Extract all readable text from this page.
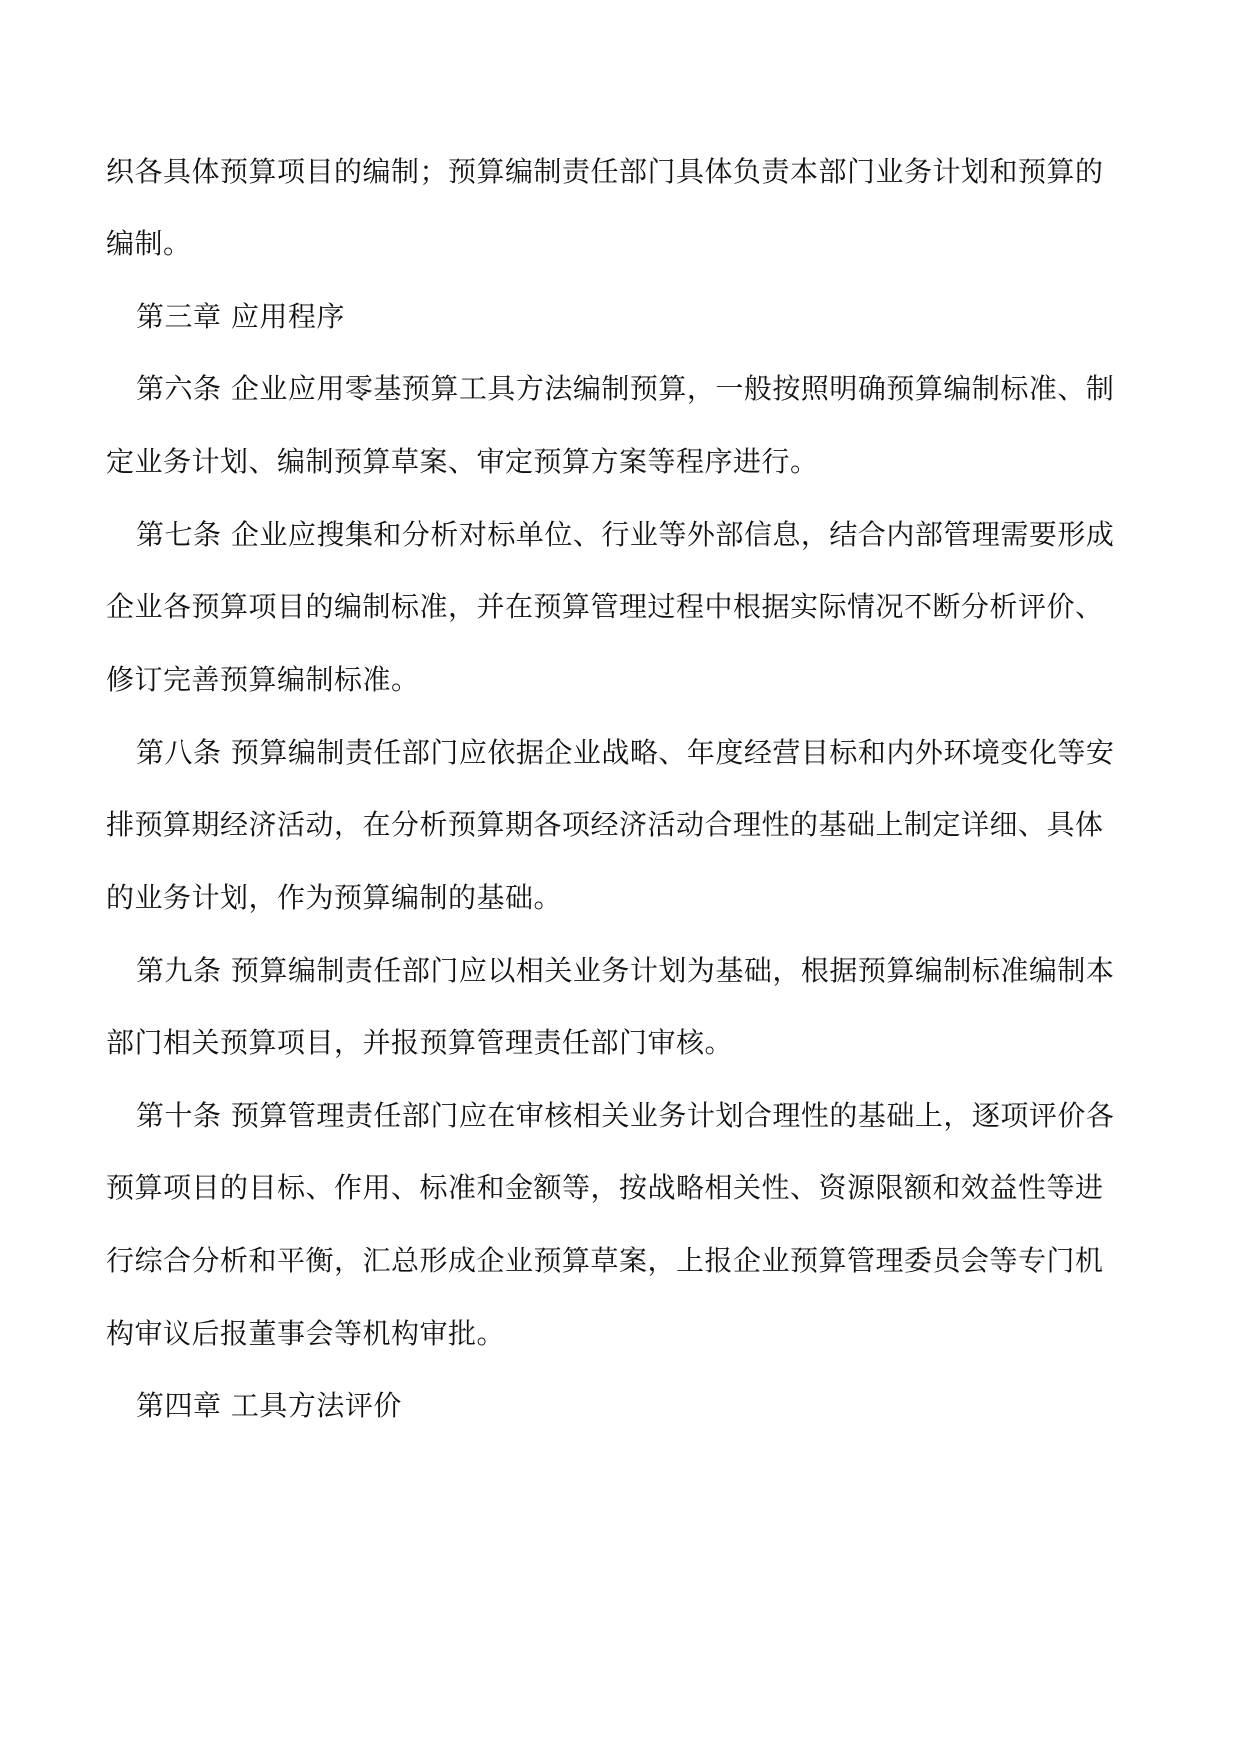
织各具体预算项目的编制；预算编制责任部门具体负责本部门业务计划和预算的
编制。
第三章 应用程序
第六条 企业应用零基预算工具方法编制预算，一般按照明确预算编制标准、制
定业务计划、编制预算草案、审定预算方案等程序进行。
第七条 企业应搜集和分析对标单位、行业等外部信息，结合内部管理需要形成
企业各预算项目的编制标准，并在预算管理过程中根据实际情况不断分析评价、
修订完善预算编制标准。
第八条 预算编制责任部门应依据企业战略、年度经营目标和内外环境变化等安
排预算期经济活动，在分析预算期各项经济活动合理性的基础上制定详细、具体
的业务计划，作为预算编制的基础。
第九条 预算编制责任部门应以相关业务计划为基础，根据预算编制标准编制本
部门相关预算项目，并报预算管理责任部门审核。
第十条 预算管理责任部门应在审核相关业务计划合理性的基础上，逐项评价各
预算项目的目标、作用、标准和金额等，按战略相关性、资源限额和效益性等进
行综合分析和平衡，汇总形成企业预算草案，上报企业预算管理委员会等专门机
构审议后报董事会等机构审批。
第四章 工具方法评价
